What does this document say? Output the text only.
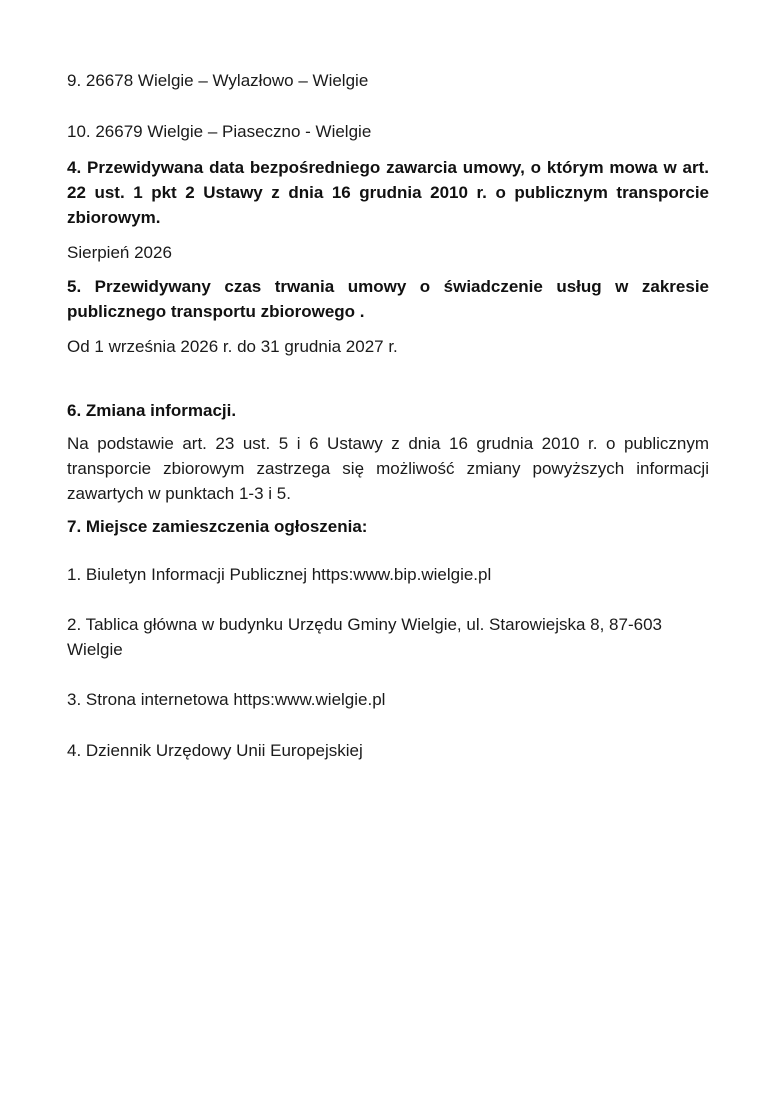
9. 26678 Wielgie – Wylazłowo – Wielgie
10. 26679 Wielgie – Piaseczno - Wielgie
4. Przewidywana data bezpośredniego zawarcia umowy, o którym mowa w art. 22 ust. 1 pkt 2 Ustawy z dnia 16 grudnia 2010 r. o publicznym transporcie zbiorowym.
Sierpień 2026
5. Przewidywany czas trwania umowy o świadczenie usług w zakresie publicznego transportu zbiorowego .
Od 1 września 2026 r. do 31 grudnia 2027 r.
6. Zmiana informacji.
Na podstawie art. 23 ust. 5 i 6 Ustawy z dnia 16 grudnia 2010 r. o publicznym transporcie zbiorowym zastrzega się możliwość zmiany powyższych informacji zawartych w punktach 1-3 i 5.
7. Miejsce zamieszczenia ogłoszenia:
1. Biuletyn Informacji Publicznej https:www.bip.wielgie.pl
2. Tablica główna w budynku Urzędu Gminy Wielgie, ul. Starowiejska 8, 87-603 Wielgie
3. Strona internetowa https:www.wielgie.pl
4. Dziennik Urzędowy Unii Europejskiej
